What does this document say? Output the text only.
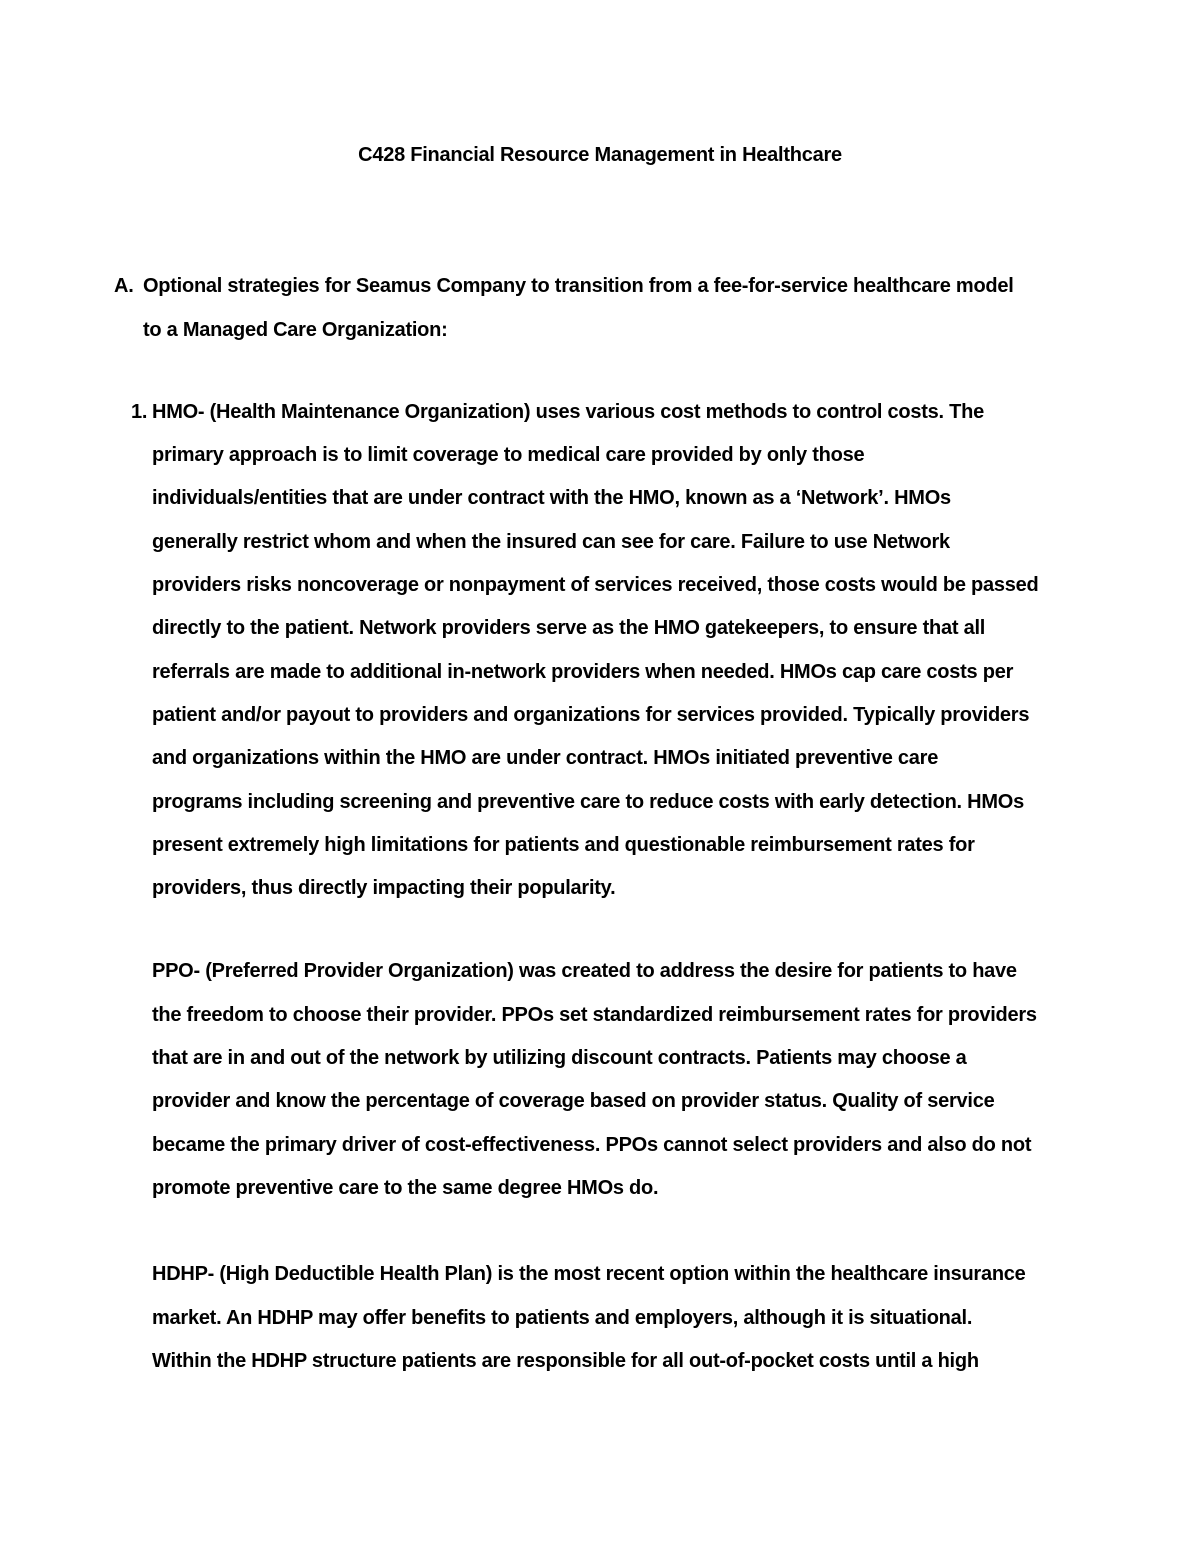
C428 Financial Resource Management in Healthcare
A. Optional strategies for Seamus Company to transition from a fee-for-service healthcare model
to a Managed Care Organization:
1. HMO- (Health Maintenance Organization) uses various cost methods to control costs. The
primary approach is to limit coverage to medical care provided by only those
individuals/entities that are under contract with the HMO, known as a ‘Network’. HMOs
generally restrict whom and when the insured can see for care. Failure to use Network
providers risks noncoverage or nonpayment of services received, those costs would be passed
directly to the patient. Network providers serve as the HMO gatekeepers, to ensure that all
referrals are made to additional in-network providers when needed. HMOs cap care costs per
patient and/or payout to providers and organizations for services provided. Typically providers
and organizations within the HMO are under contract. HMOs initiated preventive care
programs including screening and preventive care to reduce costs with early detection. HMOs
present extremely high limitations for patients and questionable reimbursement rates for
providers, thus directly impacting their popularity.
PPO- (Preferred Provider Organization) was created to address the desire for patients to have
the freedom to choose their provider. PPOs set standardized reimbursement rates for providers
that are in and out of the network by utilizing discount contracts. Patients may choose a
provider and know the percentage of coverage based on provider status. Quality of service
became the primary driver of cost-effectiveness. PPOs cannot select providers and also do not
promote preventive care to the same degree HMOs do.
HDHP- (High Deductible Health Plan) is the most recent option within the healthcare insurance
market. An HDHP may offer benefits to patients and employers, although it is situational.
Within the HDHP structure patients are responsible for all out-of-pocket costs until a high
